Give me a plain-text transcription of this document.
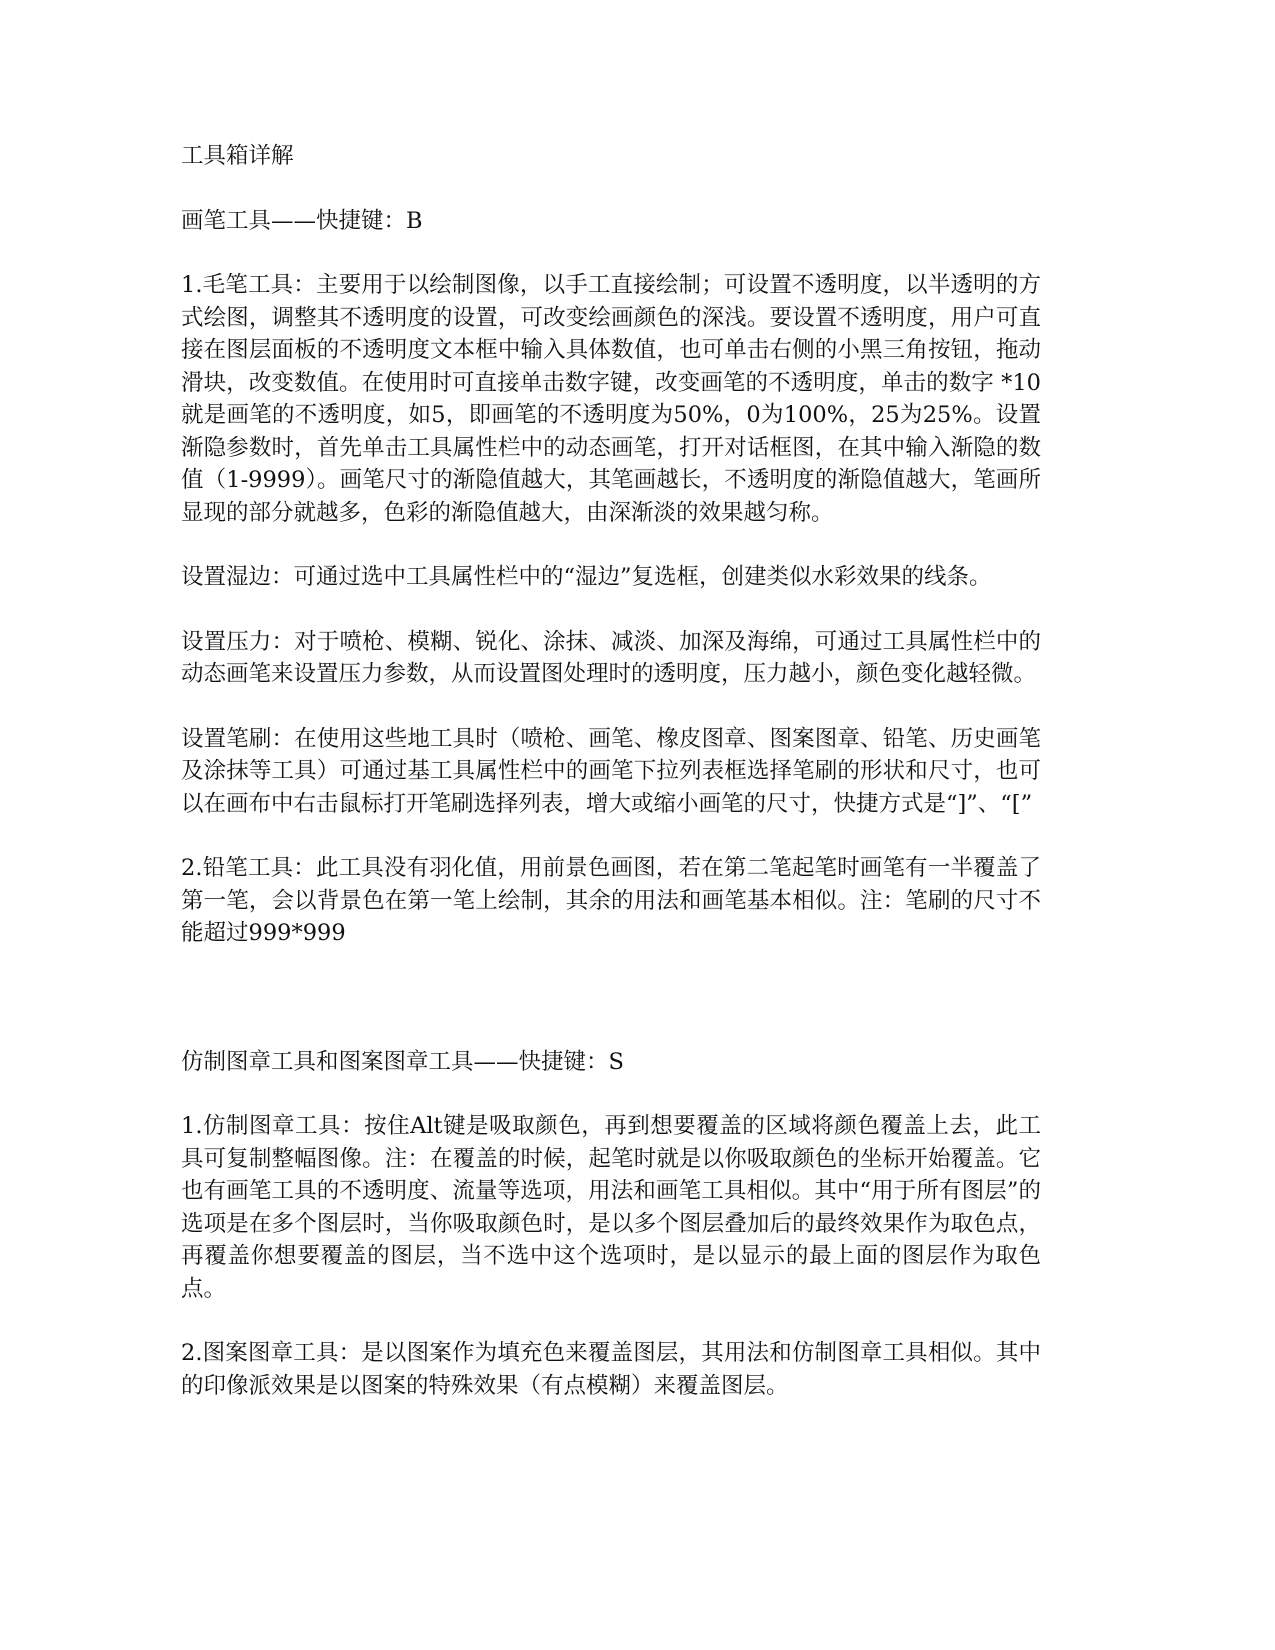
工具箱详解

画笔工具——快捷键：B

1.毛笔工具：主要用于以绘制图像，以手工直接绘制；可设置不透明度，以半透明的方式绘图，调整其不透明度的设置，可改变绘画颜色的深浅。要设置不透明度，用户可直接在图层面板的不透明度文本框中输入具体数值，也可单击右侧的小黑三角按钮，拖动滑块，改变数值。在使用时可直接单击数字键，改变画笔的不透明度，单击的数字 *10就是画笔的不透明度，如5，即画笔的不透明度为50%，0为100%，25为25%。设置渐隐参数时，首先单击工具属性栏中的动态画笔，打开对话框图，在其中输入渐隐的数值（1-9999）。画笔尺寸的渐隐值越大，其笔画越长，不透明度的渐隐值越大，笔画所显现的部分就越多，色彩的渐隐值越大，由深渐淡的效果越匀称。

设置湿边：可通过选中工具属性栏中的“湿边”复选框，创建类似水彩效果的线条。

设置压力：对于喷枪、模糊、锐化、涂抹、减淡、加深及海绵，可通过工具属性栏中的动态画笔来设置压力参数，从而设置图处理时的透明度，压力越小，颜色变化越轻微。

设置笔刷：在使用这些地工具时（喷枪、画笔、橡皮图章、图案图章、铅笔、历史画笔及涂抹等工具）可通过基工具属性栏中的画笔下拉列表框选择笔刷的形状和尺寸，也可以在画布中右击鼠标打开笔刷选择列表，增大或缩小画笔的尺寸，快捷方式是“]”、“[”

2.铅笔工具：此工具没有羽化值，用前景色画图，若在第二笔起笔时画笔有一半覆盖了第一笔，会以背景色在第一笔上绘制，其余的用法和画笔基本相似。注：笔刷的尺寸不能超过999*999

仿制图章工具和图案图章工具——快捷键：S

1.仿制图章工具：按住Alt键是吸取颜色，再到想要覆盖的区域将颜色覆盖上去，此工具可复制整幅图像。注：在覆盖的时候，起笔时就是以你吸取颜色的坐标开始覆盖。它也有画笔工具的不透明度、流量等选项，用法和画笔工具相似。其中“用于所有图层”的选项是在多个图层时，当你吸取颜色时，是以多个图层叠加后的最终效果作为取色点，再覆盖你想要覆盖的图层，当不选中这个选项时，是以显示的最上面的图层作为取色点。

2.图案图章工具：是以图案作为填充色来覆盖图层，其用法和仿制图章工具相似。其中的印像派效果是以图案的特殊效果（有点模糊）来覆盖图层。
